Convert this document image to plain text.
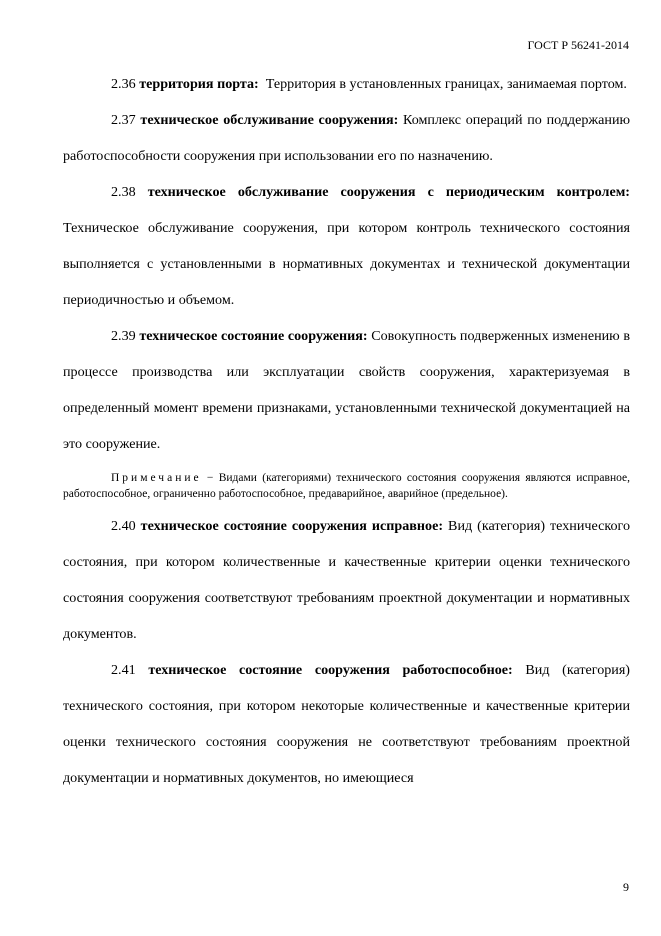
ГОСТ Р 56241-2014

2.36 территория порта: Территория в установленных границах, занимаемая портом.

2.37 техническое обслуживание сооружения: Комплекс операций по поддержанию работоспособности сооружения при использовании его по назначению.

2.38 техническое обслуживание сооружения с периодическим контролем: Техническое обслуживание сооружения, при котором контроль технического состояния выполняется с установленными в нормативных документах и технической документации периодичностью и объемом.

2.39 техническое состояние сооружения: Совокупность подверженных изменению в процессе производства или эксплуатации свойств сооружения, характеризуемая в определенный момент времени признаками, установленными технической документацией на это сооружение.

Примечание − Видами (категориями) технического состояния сооружения являются исправное, работоспособное, ограниченно работоспособное, предаварийное, аварийное (предельное).

2.40 техническое состояние сооружения исправное: Вид (категория) технического состояния, при котором количественные и качественные критерии оценки технического состояния сооружения соответствуют требованиям проектной документации и нормативных документов.

2.41 техническое состояние сооружения работоспособное: Вид (категория) технического состояния, при котором некоторые количественные и качественные критерии оценки технического состояния сооружения не соответствуют требованиям проектной документации и нормативных документов, но имеющиеся

9
